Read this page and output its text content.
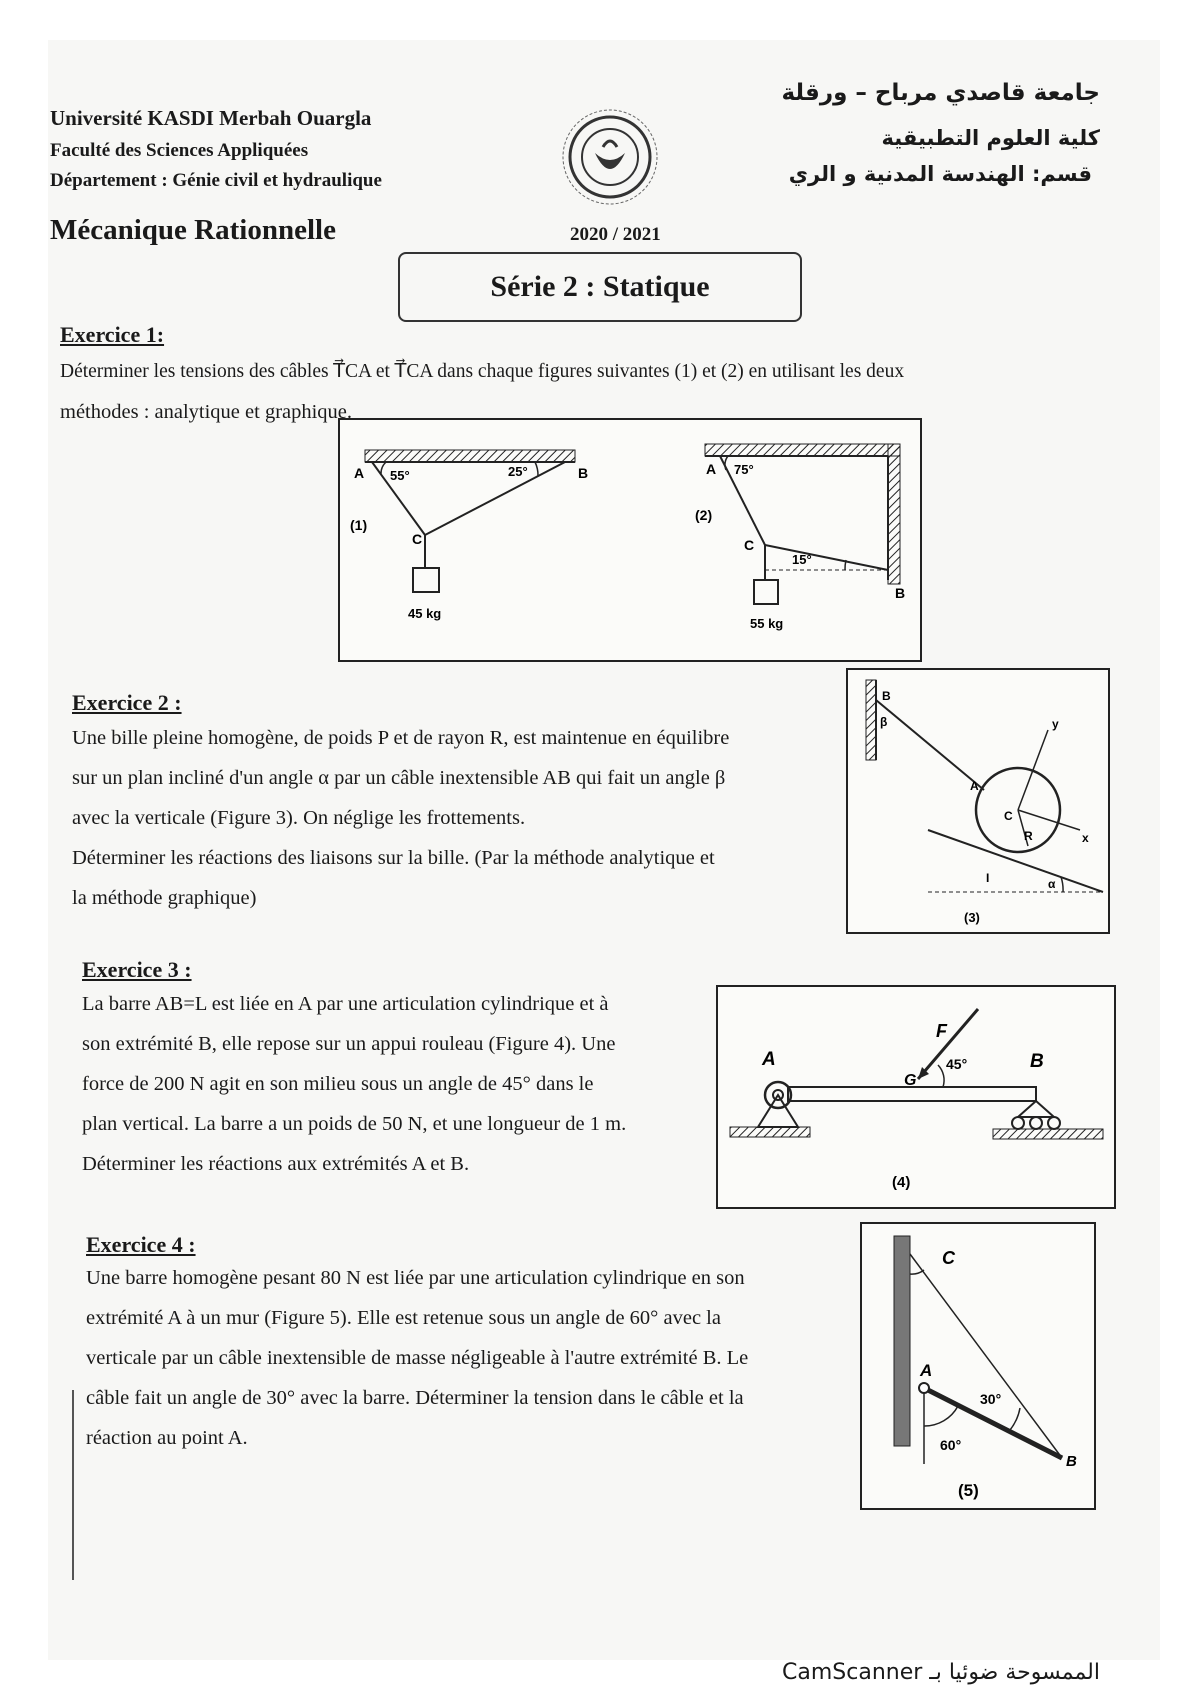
Université KASDI Merbah Ouargla
Faculté des Sciences Appliquées
Département : Génie civil et hydraulique
Mécanique Rationnelle	2020 / 2021
جامعة قاصدي مرباح – ورقلة
كلية العلوم التطبيقية
قسم: الهندسة المدنية و الري
Série 2 : Statique
Exercice 1:
Déterminer les tensions des câbles T⃗CA et T⃗CA dans chaque figures suivantes (1) et (2) en utilisant les deux
méthodes : analytique et graphique.
A 55°	25°	B
C
(1)
45 kg
A 75°
C
15°
B
(2)
55 kg
Exercice 2 :
Une bille pleine homogène, de poids P et de rayon R, est maintenue en équilibre
sur un plan incliné d'un angle α par un câble inextensible AB qui fait un angle β
avec la verticale (Figure 3). On néglige les frottements.
Déterminer les réactions des liaisons sur la bille. (Par la méthode analytique et
la méthode graphique)
B
β
A
C
R	x
y
I	α
(3)
Exercice 3 :
La barre AB=L est liée en A par une articulation cylindrique et à
son extrémité B, elle repose sur un appui rouleau (Figure 4). Une
force de 200 N agit en son milieu sous un angle de 45° dans le
plan vertical. La barre a un poids de 50 N, et une longueur de 1 m.
Déterminer les réactions aux extrémités A et B.
A	B
G
F
45°
(4)
Exercice 4 :
Une barre homogène pesant 80 N est liée par une articulation cylindrique en son
extrémité A à un mur (Figure 5). Elle est retenue sous un angle de 60° avec la
verticale par un câble inextensible de masse négligeable à l'autre extrémité B. Le
câble fait un angle de 30° avec la barre. Déterminer la tension dans le câble et la
réaction au point A.
C
A
B
60°
30°
(5)
الممسوحة ضوئيا بـ CamScanner
